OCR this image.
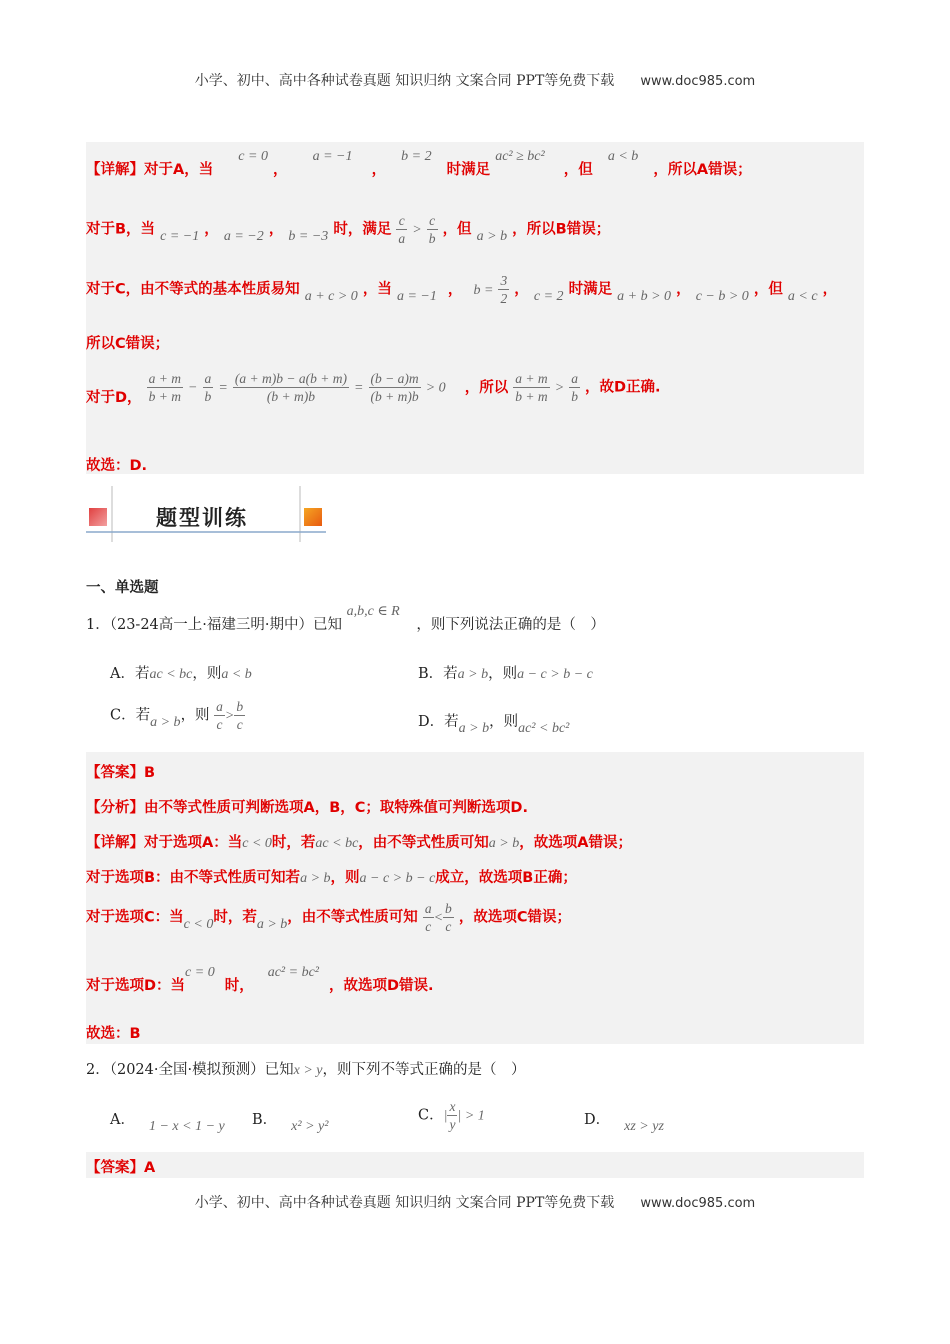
小学、初中、高中各种试卷真题 知识归纳 文案合同 PPT等免费下载 www.doc985.com
【详解】对于A，当 c = 0 ， a = −1 ， b = 2 时满足 ac² ≥ bc² ，但 a < b ，所以A错误；
对于B，当 c = −1 ， a = −2 ， b = −3 时，满足 $\frac{c}{a} > \frac{c}{b}$ ，但 a > b ，所以B错误；
对于C，由不等式的基本性质易知 a + c > 0 ，当 a = −1 ， $b = \frac{3}{2}$ ， c = 2 时满足 a + b > 0 ， c − b > 0 ，但 a < c ，
所以C错误；
对于D， $\frac{a + m}{b + m} - \frac{a}{b} = \frac{(a + m)b - a(b + m)}{(b + m)b} = \frac{(b - a)m}{(b + m)b} > 0$ ，所以 $\frac{a + m}{b + m} > \frac{a}{b}$ ，故D正确.
故选：D.
题型训练
一、单选题
1．（23-24高一上·福建三明·期中）已知 a,b,c ∈ R ，则下列说法正确的是（　）
A．若ac < bc，则a < b	B．若a > b，则a − c > b − c
C．若a > b，则 $\frac{a}{c} > \frac{b}{c}$	D．若a > b，则ac² < bc²
【答案】B
【分析】由不等式性质可判断选项A，B，C；取特殊值可判断选项D.
【详解】对于选项A：当c < 0时，若ac < bc，由不等式性质可知a > b，故选项A错误；
对于选项B：由不等式性质可知若a > b，则a − c > b − c成立，故选项B正确；
对于选项C：当c < 0时，若a > b，由不等式性质可知 $\frac{a}{c} < \frac{b}{c}$ ，故选项C错误；
对于选项D：当c = 0时，ac² = bc²，故选项D错误.
故选：B
2．（2024·全国·模拟预测）已知x > y，则下列不等式正确的是（　）
A． 1 − x < 1 − y B． x² > y²
C．| $\frac{x}{y}$ | > 1	D． xz > yz
【答案】A
小学、初中、高中各种试卷真题 知识归纳 文案合同 PPT等免费下载 www.doc985.com
